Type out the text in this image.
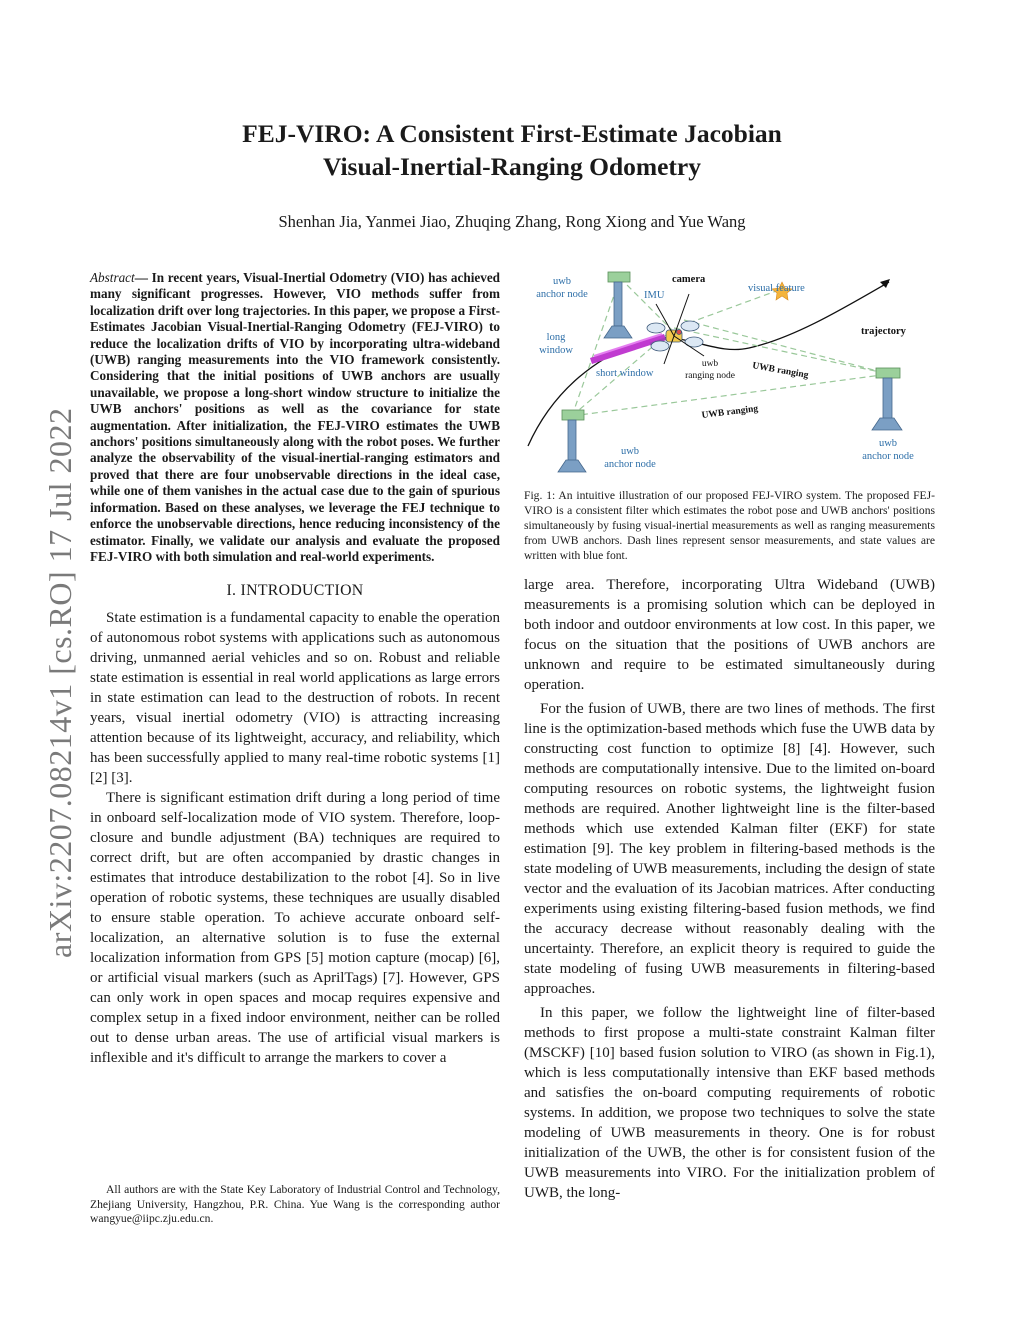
arXiv:2207.08214v1 [cs.RO] 17 Jul 2022
FEJ-VIRO: A Consistent First-Estimate Jacobian
Visual-Inertial-Ranging Odometry
Shenhan Jia, Yanmei Jiao, Zhuqing Zhang, Rong Xiong and Yue Wang

Abstract— In recent years, Visual-Inertial Odometry (VIO) has achieved many significant progresses. However, VIO methods suffer from localization drift over long trajectories. In this paper, we propose a First-Estimates Jacobian Visual-Inertial-Ranging Odometry (FEJ-VIRO) to reduce the localization drifts of VIO by incorporating ultra-wideband (UWB) ranging measurements into the VIO framework consistently. Considering that the initial positions of UWB anchors are usually unavailable, we propose a long-short window structure to initialize the UWB anchors' positions as well as the covariance for state augmentation. After initialization, the FEJ-VIRO estimates the UWB anchors' positions simultaneously along with the robot poses. We further analyze the observability of the visual-inertial-ranging estimators and proved that there are four unobservable directions in the ideal case, while one of them vanishes in the actual case due to the gain of spurious information. Based on these analyses, we leverage the FEJ technique to enforce the unobservable directions, hence reducing inconsistency of the estimator. Finally, we validate our analysis and evaluate the proposed FEJ-VIRO with both simulation and real-world experiments.

I. INTRODUCTION

State estimation is a fundamental capacity to enable the operation of autonomous robot systems with applications such as autonomous driving, unmanned aerial vehicles and so on. Robust and reliable state estimation is essential in real world applications as large errors in state estimation can lead to the destruction of robots. In recent years, visual inertial odometry (VIO) is attracting increasing attention because of its lightweight, accuracy, and reliability, which has been successfully applied to many real-time robotic systems [1] [2] [3].

There is significant estimation drift during a long period of time in onboard self-localization mode of VIO system. Therefore, loop-closure and bundle adjustment (BA) techniques are required to correct drift, but are often accompanied by drastic changes in estimates that introduce destabilization to the robot [4]. So in live operation of robotic systems, these techniques are usually disabled to ensure stable operation. To achieve accurate onboard self-localization, an alternative solution is to fuse the external localization information from GPS [5] motion capture (mocap) [6], or artificial visual markers (such as AprilTags) [7]. However, GPS can only work in open spaces and mocap requires expensive and complex setup in a fixed indoor environment, neither can be rolled out to dense urban areas. The use of artificial visual markers is inflexible and it's difficult to arrange the markers to cover a

All authors are with the State Key Laboratory of Industrial Control and Technology, Zhejiang University, Hangzhou, P.R. China. Yue Wang is the corresponding author wangyue@iipc.zju.edu.cn.

uwb
anchor node	IMU
camera
visual feature
trajectory
long
window
short window
uwb
ranging node UWB ranging
UWB ranging
uwb
anchor node
uwb
anchor node

Fig. 1: An intuitive illustration of our proposed FEJ-VIRO system. The proposed FEJ-VIRO is a consistent filter which estimates the robot pose and UWB anchors' positions simultaneously by fusing visual-inertial measurements as well as ranging measurements from UWB anchors. Dash lines represent sensor measurements, and state values are written with blue font.

large area. Therefore, incorporating Ultra Wideband (UWB) measurements is a promising solution which can be deployed in both indoor and outdoor environments at low cost. In this paper, we focus on the situation that the positions of UWB anchors are unknown and require to be estimated simultaneously during operation.

For the fusion of UWB, there are two lines of methods. The first line is the optimization-based methods which fuse the UWB data by constructing cost function to optimize [8] [4]. However, such methods are computationally intensive. Due to the limited on-board computing resources on robotic systems, the lightweight fusion methods are required. Another lightweight line is the filter-based methods which use extended Kalman filter (EKF) for state estimation [9]. The key problem in filtering-based methods is the state modeling of UWB measurements, including the design of state vector and the evaluation of its Jacobian matrices. After conducting experiments using existing filtering-based fusion methods, we find the accuracy decrease without reasonably dealing with the uncertainty. Therefore, an explicit theory is required to guide the state modeling of fusing UWB measurements in filtering-based approaches.

In this paper, we follow the lightweight line of filter-based methods to first propose a multi-state constraint Kalman filter (MSCKF) [10] based fusion solution to VIRO (as shown in Fig.1), which is less computationally intensive than EKF based methods and satisfies the on-board computing requirements of robotic systems. In addition, we propose two techniques to solve the state modeling of UWB measurements in theory. One is for robust initialization of the UWB, the other is for consistent fusion of the UWB measurements into VIRO. For the initialization problem of UWB, the long-
